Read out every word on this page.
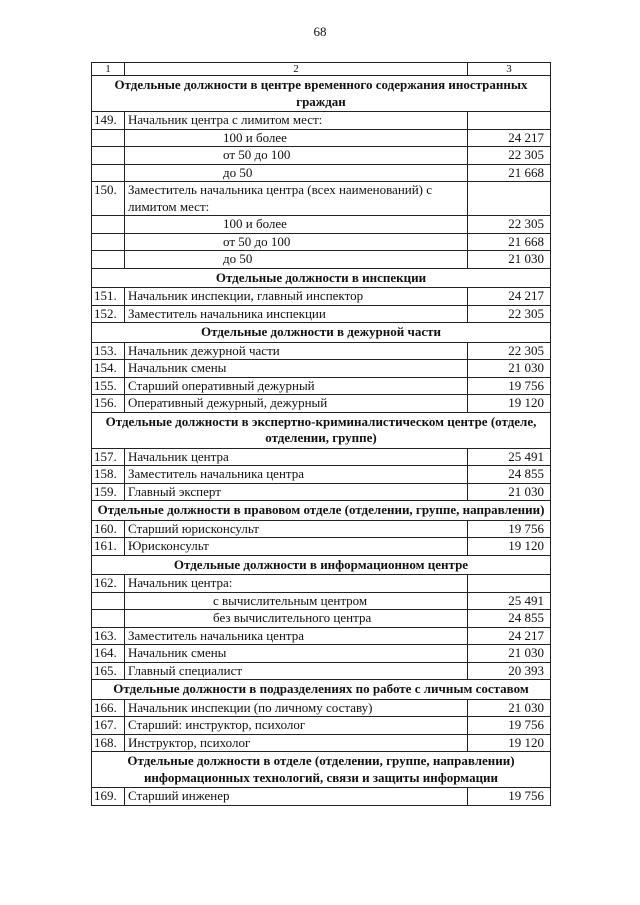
68
1	2	3
Отдельные должности в центре временного содержания иностранных граждан		
149.	Начальник центра с лимитом мест:	
	100 и более	24 217
	от 50 до 100	22 305
	до 50	21 668
150.	Заместитель начальника центра (всех наименований) с лимитом мест:	
	100 и более	22 305
	от 50 до 100	21 668
	до 50	21 030
Отдельные должности в инспекции		
151.	Начальник инспекции, главный инспектор	24 217
152.	Заместитель начальника инспекции	22 305
Отдельные должности в дежурной части		
153.	Начальник дежурной части	22 305
154.	Начальник смены	21 030
155.	Старший оперативный дежурный	19 756
156.	Оперативный дежурный, дежурный	19 120
Отдельные должности в экспертно-криминалистическом центре (отделе, отделении, группе)		
157.	Начальник центра	25 491
158.	Заместитель начальника центра	24 855
159.	Главный эксперт	21 030
Отдельные должности в правовом отделе (отделении, группе, направлении)		
160.	Старший юрисконсульт	19 756
161.	Юрисконсульт	19 120
Отдельные должности в информационном центре		
162.	Начальник центра:	
	с вычислительным центром	25 491
	без вычислительного центра	24 855
163.	Заместитель начальника центра	24 217
164.	Начальник смены	21 030
165.	Главный специалист	20 393
Отдельные должности в подразделениях по работе с личным составом		
166.	Начальник инспекции (по личному составу)	21 030
167.	Старший: инструктор, психолог	19 756
168.	Инструктор, психолог	19 120
Отдельные должности в отделе (отделении, группе, направлении) информационных технологий, связи и защиты информации		
169.	Старший инженер	19 756
